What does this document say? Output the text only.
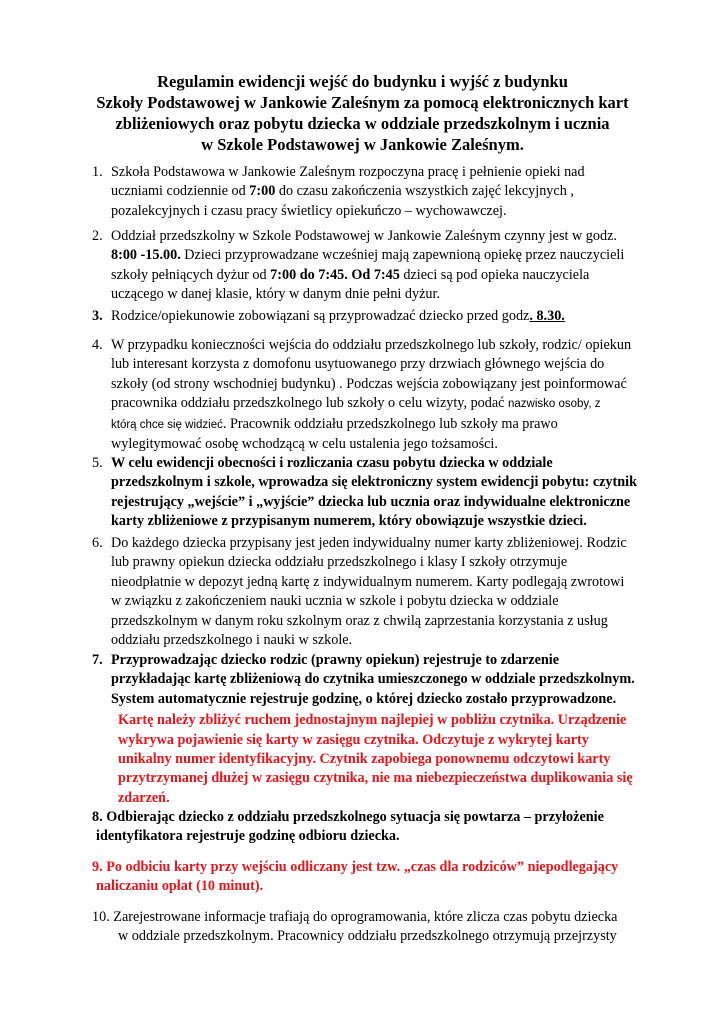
Regulamin ewidencji wejść do budynku i wyjść z budynku
Szkoły Podstawowej w Jankowie Zaleśnym za pomocą elektronicznych kart
zbliżeniowych oraz pobytu dziecka w oddziale przedszkolnym i ucznia
w Szkole Podstawowej w Jankowie Zaleśnym.
1. Szkoła Podstawowa w Jankowie Zaleśnym rozpoczyna pracę i pełnienie opieki nad
uczniami codziennie od 7:00 do czasu zakończenia wszystkich zajęć lekcyjnych ,
pozalekcyjnych i czasu pracy świetlicy opiekuńczo – wychowawczej.
2. Oddział przedszkolny w Szkole Podstawowej w Jankowie Zaleśnym czynny jest w godz.
8:00 -15.00. Dzieci przyprowadzane wcześniej mają zapewnioną opiekę przez nauczycieli
szkoły pełniących dyżur od 7:00 do 7:45. Od 7:45 dzieci są pod opieka nauczyciela
uczącego w danej klasie, który w danym dnie pełni dyżur.
3. Rodzice/opiekunowie zobowiązani są przyprowadzać dziecko przed godz. 8.30.
4. W przypadku konieczności wejścia do oddziału przedszkolnego lub szkoły, rodzic/ opiekun
lub interesant korzysta z domofonu usytuowanego przy drzwiach głównego wejścia do
szkoły (od strony wschodniej budynku) . Podczas wejścia zobowiązany jest poinformować
pracownika oddziału przedszkolnego lub szkoły o celu wizyty, podać nazwisko osoby, z
którą chce się widzieć. Pracownik oddziału przedszkolnego lub szkoły ma prawo
wylegitymować osobę wchodzącą w celu ustalenia jego tożsamości.
5. W celu ewidencji obecności i rozliczania czasu pobytu dziecka w oddziale
przedszkolnym i szkole, wprowadza się elektroniczny system ewidencji pobytu: czytnik
rejestrujący „wejście” i „wyjście” dziecka lub ucznia oraz indywidualne elektroniczne
karty zbliżeniowe z przypisanym numerem, który obowiązuje wszystkie dzieci.
6. Do każdego dziecka przypisany jest jeden indywidualny numer karty zbliżeniowej. Rodzic
lub prawny opiekun dziecka oddziału przedszkolnego i klasy I szkoły otrzymuje
nieodpłatnie w depozyt jedną kartę z indywidualnym numerem. Karty podlegają zwrotowi
w związku z zakończeniem nauki ucznia w szkole i pobytu dziecka w oddziale
przedszkolnym w danym roku szkolnym oraz z chwilą zaprzestania korzystania z usług
oddziału przedszkolnego i nauki w szkole.
7. Przyprowadzając dziecko rodzic (prawny opiekun) rejestruje to zdarzenie
przykładając kartę zbliżeniową do czytnika umieszczonego w oddziale przedszkolnym.
System automatycznie rejestruje godzinę, o której dziecko zostało przyprowadzone.
Kartę należy zbliżyć ruchem jednostajnym najlepiej w pobliżu czytnika. Urządzenie
wykrywa pojawienie się karty w zasięgu czytnika. Odczytuje z wykrytej karty
unikalny numer identyfikacyjny. Czytnik zapobiega ponownemu odczytowi karty
przytrzymanej dłużej w zasięgu czytnika, nie ma niebezpieczeństwa duplikowania się
zdarzeń.
8. Odbierając dziecko z oddziału przedszkolnego sytuacja się powtarza – przyłożenie
identyfikatora rejestruje godzinę odbioru dziecka.
9. Po odbiciu karty przy wejściu odliczany jest tzw. „czas dla rodziców” niepodlegający
naliczaniu opłat (10 minut).
10. Zarejestrowane informacje trafiają do oprogramowania, które zlicza czas pobytu dziecka
w oddziale przedszkolnym. Pracownicy oddziału przedszkolnego otrzymują przejrzysty
